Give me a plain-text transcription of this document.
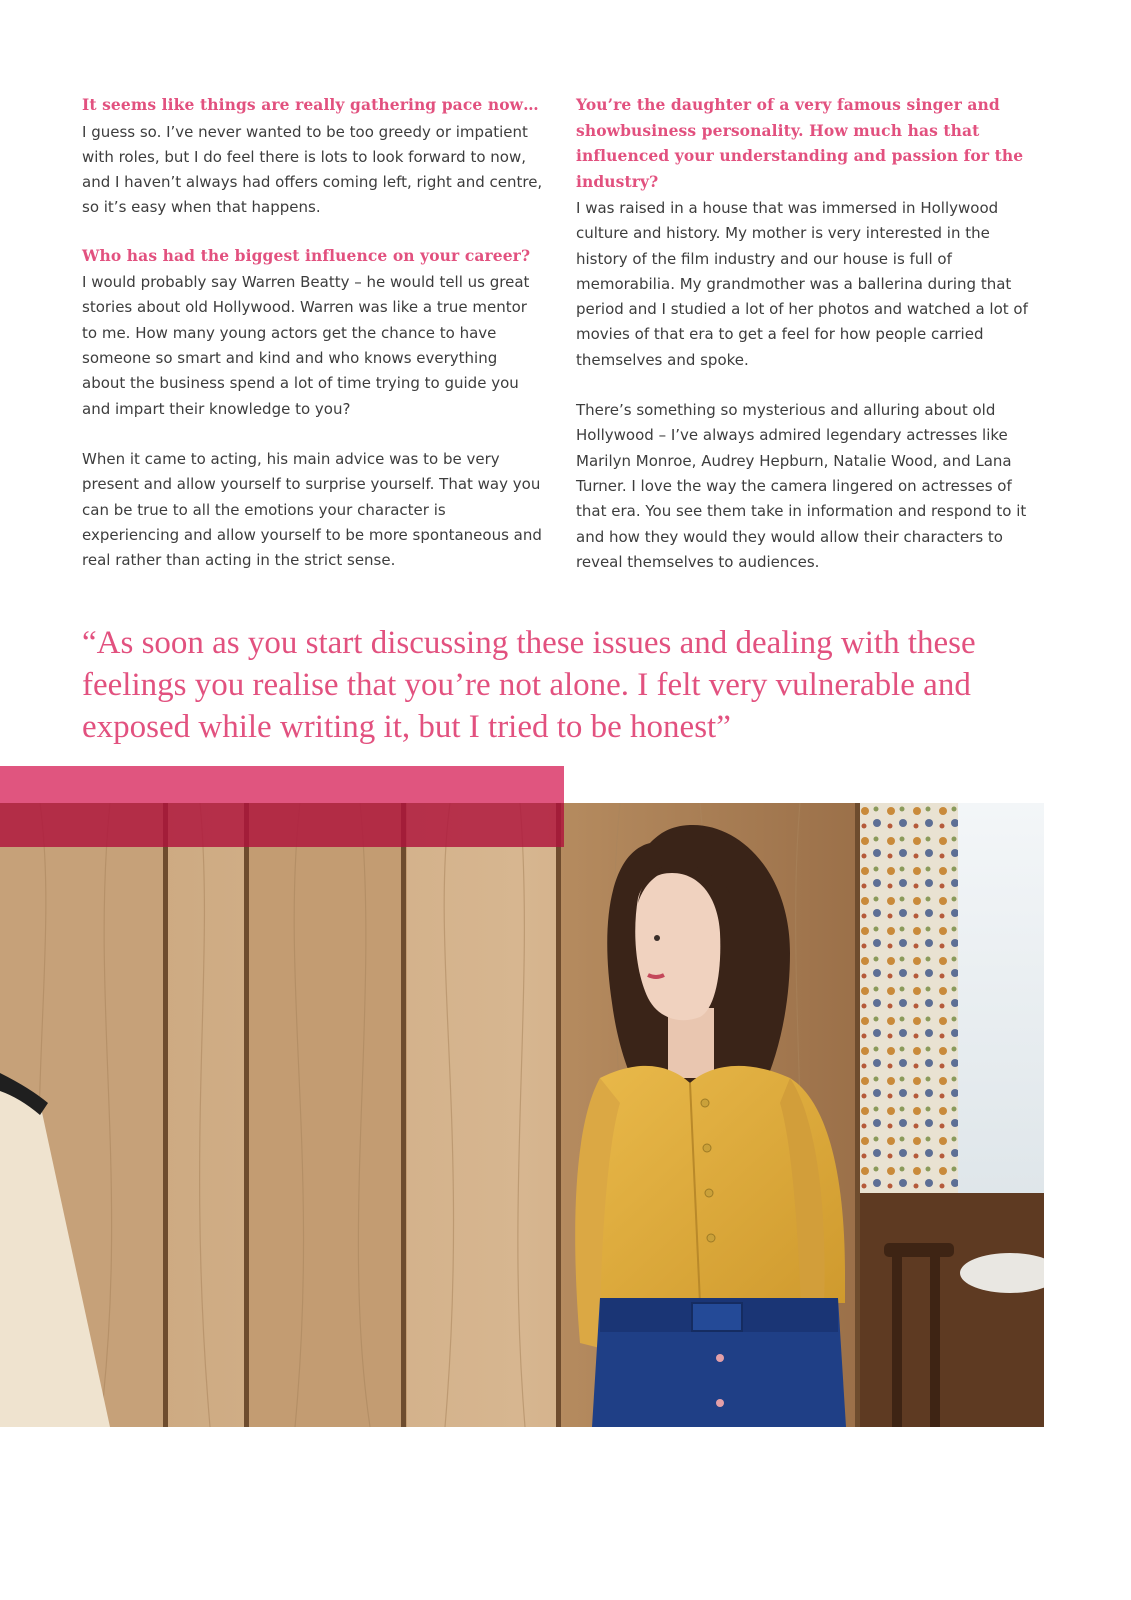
It seems like things are really gathering pace now…

I guess so. I’ve never wanted to be too greedy or impatient with roles, but I do feel there is lots to look forward to now, and I haven’t always had offers coming left, right and centre, so it’s easy when that happens.

Who has had the biggest influence on your career?

I would probably say Warren Beatty – he would tell us great stories about old Hollywood. Warren was like a true mentor to me. How many young actors get the chance to have someone so smart and kind and who knows everything about the business spend a lot of time trying to guide you and impart their knowledge to you?

When it came to acting, his main advice was to be very present and allow yourself to surprise yourself. That way you can be true to all the emotions your character is experiencing and allow yourself to be more spontaneous and real rather than acting in the strict sense.

You’re the daughter of a very famous singer and showbusiness personality. How much has that influenced your understanding and passion for the industry?

I was raised in a house that was immersed in Hollywood culture and history. My mother is very interested in the history of the film industry and our house is full of memorabilia. My grandmother was a ballerina during that period and I studied a lot of her photos and watched a lot of movies of that era to get a feel for how people carried themselves and spoke.

There’s something so mysterious and alluring about old Hollywood – I’ve always admired legendary actresses like Marilyn Monroe, Audrey Hepburn, Natalie Wood, and Lana Turner. I love the way the camera lingered on actresses of that era. You see them take in information and respond to it and how they would they would allow their characters to reveal themselves to audiences.

“As soon as you start discussing these issues and dealing with these feelings you realise that you’re not alone. I felt very vulnerable and exposed while writing it, but I tried to be honest”
